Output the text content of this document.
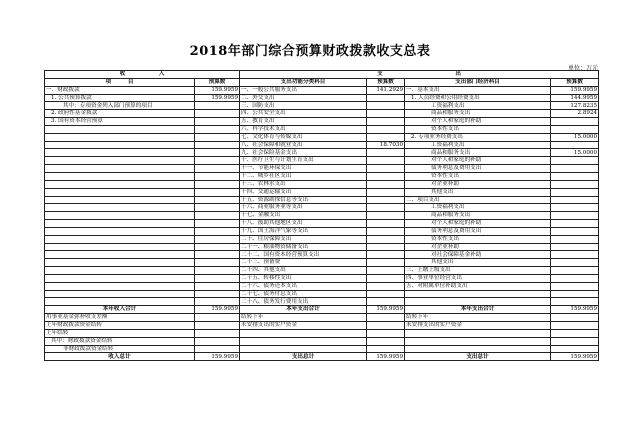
2018年部门综合预算财政拨款收支总表
单位：万元
收　　　　　　入		支　　　　　　　　　　　　　出			
项　　　目	预算数	支出功能分类科目	预算数	支出部门经济科目	预算数
一、财政拨款	159.9959	一、一般公共服务支出	141.2929	一、基本支出	159.9959
1. 公共预算拨款	159.9959	二、外交支出		1. 人员经费和公用经费支出	144.9959
其中：专项资金列入部门预算的项目		三、国防支出		工资福利支出	127.8235
2. 政府性基金拨款		四、公共安全支出		商品和服务支出	2.8924
3. 国有资本经营预算		五、教育支出		对个人和家庭的补助	
		六、科学技术支出		资本性支出	
		七、文化体育与传媒支出		2. 专项业务经费支出	15.0000
		八、社会保障和就业支出	18.7030	工资福利支出	
		九、社会保险基金支出		商品和服务支出	15.0000
		十、医疗卫生与计划生育支出		对个人和家庭的补助	
		十一、节能环保支出		债务利息及费用支出	
		十二、城乡社区支出		资本性支出	
		十三、农林水支出		对企业补助	
		十四、交通运输支出		其他支出	
		十五、资源勘探信息等支出		二、项目支出	
		十六、商业服务业等支出		工资福利支出	
		十七、金融支出		商品和服务支出	
		十八、援助其他地区支出		对个人和家庭的补助	
		十九、国土海洋气象等支出		债务利息及费用支出	
		二十、住房保障支出		资本性支出	
		二十一、粮油物资储备支出		对企业补助	
		二十二、国有资本经营预算支出		对社会保障基金补助	
		二十三、预备费		其他支出	
		二十四、其他支出		三、上缴上级支出	
		二十五、转移性支出		四、事业单位经营支出	
		二十六、债务还本支出		五、对附属单位补助支出	
		二十七、债务付息支出			
		二十八、债务发行费用支出			
本年收入合计	159.9959	本年支出合计	159.9959	本年支出合计	159.9959
用事业基金弥补收支差额		结转下年		结转下年	
上年财政拨款资金结转		未安排支出的实户资金		未安排支出的实户资金	
上年结转					
其中：财政拨款资金结转					
非财政拨款资金结转					
收入总计	159.9959	支出总计	159.9959	支出总计	159.9959
